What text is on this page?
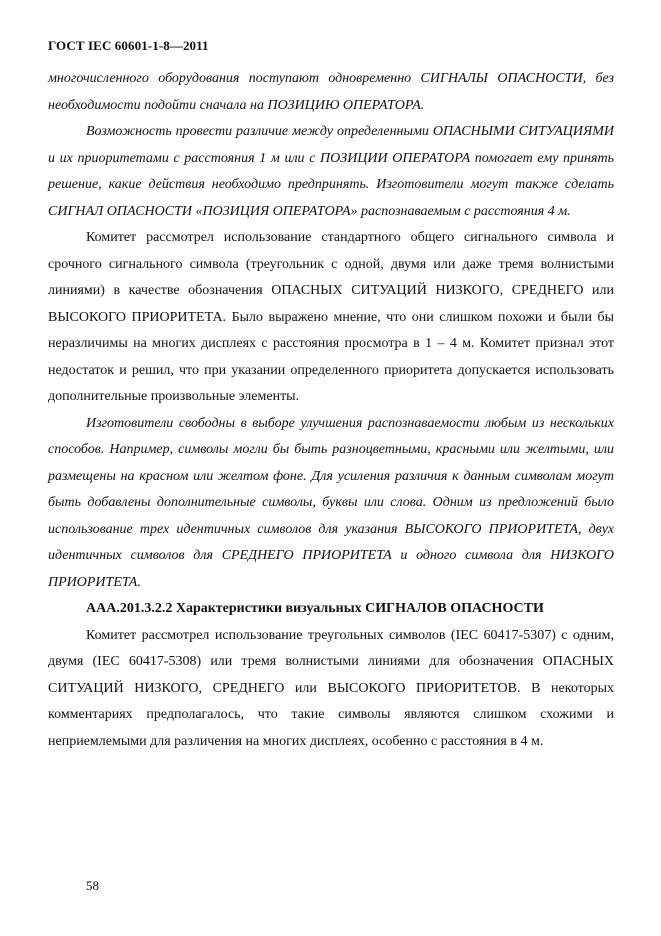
ГОСТ IEC 60601-1-8—2011

многочисленного оборудования поступают одновременно СИГНАЛЫ ОПАСНОСТИ, без необходимости подойти сначала на ПОЗИЦИЮ ОПЕРАТОРА.

Возможность провести различие между определенными ОПАСНЫМИ СИТУАЦИЯМИ и их приоритетами с расстояния 1 м или с ПОЗИЦИИ ОПЕРАТОРА помогает ему принять решение, какие действия необходимо предпринять. Изготовители могут также сделать СИГНАЛ ОПАСНОСТИ «ПОЗИЦИЯ ОПЕРАТОРА» распознаваемым с расстояния 4 м.

Комитет рассмотрел использование стандартного общего сигнального символа и срочного сигнального символа (треугольник с одной, двумя или даже тремя волнистыми линиями) в качестве обозначения ОПАСНЫХ СИТУАЦИЙ НИЗКОГО, СРЕДНЕГО или ВЫСОКОГО ПРИОРИТЕТА. Было выражено мнение, что они слишком похожи и были бы неразличимы на многих дисплеях с расстояния просмотра в 1 – 4 м. Комитет признал этот недостаток и решил, что при указании определенного приоритета допускается использовать дополнительные произвольные элементы.

Изготовители свободны в выборе улучшения распознаваемости любым из нескольких способов. Например, символы могли бы быть разноцветными, красными или желтыми, или размещены на красном или желтом фоне. Для усиления различия к данным символам могут быть добавлены дополнительные символы, буквы или слова. Одним из предложений было использование трех идентичных символов для указания ВЫСОКОГО ПРИОРИТЕТА, двух идентичных символов для СРЕДНЕГО ПРИОРИТЕТА и одного символа для НИЗКОГО ПРИОРИТЕТА.

AAA.201.3.2.2 Характеристики визуальных СИГНАЛОВ ОПАСНОСТИ

Комитет рассмотрел использование треугольных символов (IEC 60417-5307) с одним, двумя (IEC 60417-5308) или тремя волнистыми линиями для обозначения ОПАСНЫХ СИТУАЦИЙ НИЗКОГО, СРЕДНЕГО или ВЫСОКОГО ПРИОРИТЕТОВ. В некоторых комментариях предполагалось, что такие символы являются слишком схожими и неприемлемыми для различения на многих дисплеях, особенно с расстояния в 4 м.

58
